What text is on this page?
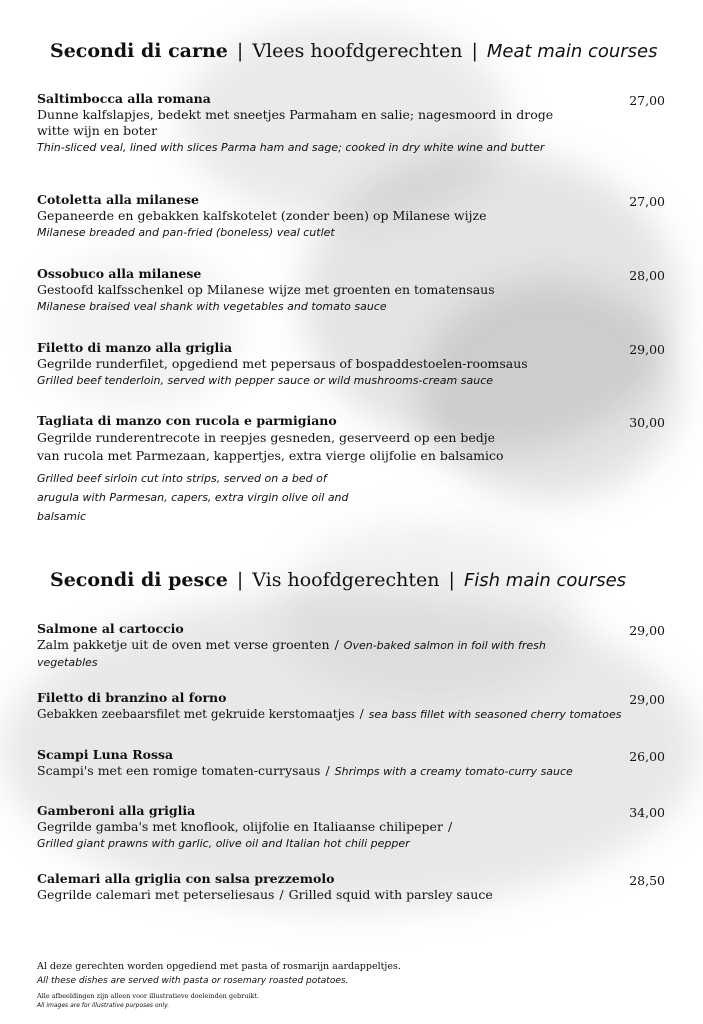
Secondi di carne | Vlees hoofdgerechten | Meat main courses
Saltimbocca alla romana
Dunne kalfslapjes, bedekt met sneetjes Parmaham en salie; nagesmoord in droge witte wijn en boter
Thin-sliced veal, lined with slices Parma ham and sage; cooked in dry white wine and butter
27,00
Cotoletta alla milanese
Gepaneerde en gebakken kalfskotelet (zonder been) op Milanese wijze
Milanese breaded and pan-fried (boneless) veal cutlet
27,00
Ossobuco alla milanese
Gestoofd kalfsschenkel op Milanese wijze met groenten en tomatensaus
Milanese braised veal shank with vegetables and tomato sauce
28,00
Filetto di manzo alla griglia
Gegrilde runderfilet, opgediend met pepersaus of bospaddestoelen-roomsaus
Grilled beef tenderloin, served with pepper sauce or wild mushrooms-cream sauce
29,00
Tagliata di manzo con rucola e parmigiano
Gegrilde runderentrecote in reepjes gesneden, geserveerd op een bedje van rucola met Parmezaan, kappertjes, extra vierge olijfolie en balsamico
Grilled beef sirloin cut into strips, served on a bed of arugula with Parmesan, capers, extra virgin olive oil and balsamic
30,00
Secondi di pesce | Vis hoofdgerechten | Fish main courses
Salmone al cartoccio
Zalm pakketje uit de oven met verse groenten / Oven-baked salmon in foil with fresh vegetables
29,00
Filetto di branzino al forno
Gebakken zeebaarsfilet met gekruide kerstomaatjes / sea bass fillet with seasoned cherry tomatoes
29,00
Scampi Luna Rossa
Scampi's met een romige tomaten-currysaus / Shrimps with a creamy tomato-curry sauce
26,00
Gamberoni alla griglia
Gegrilde gamba's met knoflook, olijfolie en Italiaanse chilipeper /
Grilled giant prawns with garlic, olive oil and Italian hot chili pepper
34,00
Calemari alla griglia con salsa prezzemolo
Gegrilde calemari met peterseliesaus / Grilled squid with parsley sauce
28,50
Al deze gerechten worden opgediend met pasta of rosmarijn aardappeltjes.
All these dishes are served with pasta or rosemary roasted potatoes.
Alle afbeeldingen zijn alleen voor illustratieve doeleinden gebruikt.
All images are for illustrative purposes only.
